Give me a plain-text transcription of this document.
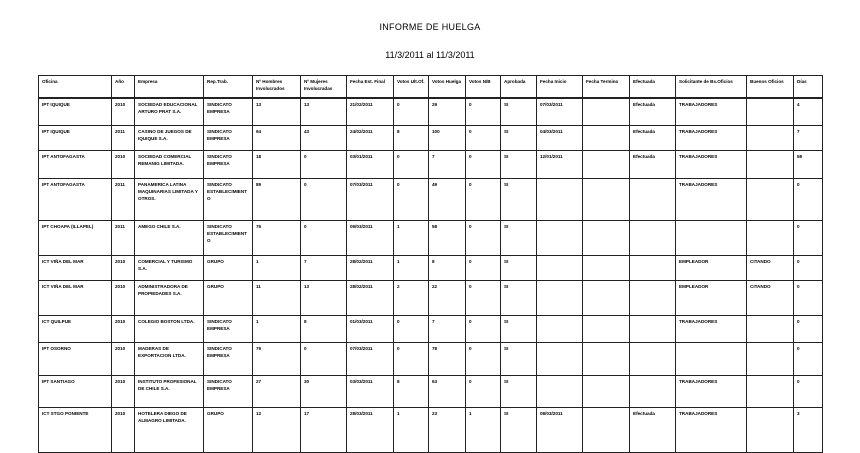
INFORME DE HUELGA
11/3/2011 al 11/3/2011
Oficina	Año	Empresa	Rep.Trab.	Nº Hombres Involucrados	Nº Mujeres Involucradas	Fecha Est. Final	Votos Ult.Of.	Votos Huelga	Votos N/B	Aprobada	Fecha Inicio	Fecha Termino	Efectuada	Solicitante de Bs.Oficios	Buenos Oficios	Días
IPT IQUIQUE	2010	SOCIEDAD EDUCACIONAL ARTURO PRAT S.A.	SINDICATO EMPRESA	13	13	21/02/2011	0	29	0	SI	07/03/2011		Efectuada	TRABAJADORES		4
IPT IQUIQUE	2011	CASINO DE JUEGOS DE IQUIQUE S.A.	SINDICATO EMPRESA	94	43	24/02/2011	8	100	0	SI	04/03/2011		Efectuada	TRABAJADORES		7
IPT ANTOFAGASTA	2010	SOCIEDAD COMERCIAL REMANIG LIMITADA.	SINDICATO EMPRESA	18	0	03/01/2011	0	7	0	SI	12/01/2011		Efectuada	TRABAJADORES		58
IPT ANTOFAGASTA	2011	PANAMERICA LATINA MAQUINARIAS LIMITADA Y OTROS.	SINDICATO ESTABLECIMIENTO	89	0	07/03/2011	0	49	0	SI				TRABAJADORES		0
IPT CHOAPA (ILLAPEL)	2011	AMEGO CHILE S.A.	SINDICATO ESTABLECIMIENTO	76	0	09/03/2011	1	58	0	SI						0
ICT VIÑA DEL MAR	2010	COMERCIAL Y TURISMO S.A.	GRUPO	1	7	28/02/2011	1	8	0	SI				EMPLEADOR	CITANDO	0
ICT VIÑA DEL MAR	2010	ADMINISTRADORA DE PROPIEDADES S.A.	GRUPO	11	13	28/02/2011	2	22	0	SI				EMPLEADOR	CITANDO	0
ICT QUILPUE	2010	COLEGIO BOSTON LTDA.	SINDICATO EMPRESA	1	8	01/03/2011	0	7	0	SI				TRABAJADORES		0
IPT OSORNO	2010	MADERAS DE EXPORTACION LTDA.	SINDICATO EMPRESA	79	0	07/03/2011	0	78	0	SI						0
IPT SANTIAGO	2010	INSTITUTO PROFESIONAL DE CHILE S.A.	SINDICATO EMPRESA	27	30	03/03/2011	8	63	0	SI				TRABAJADORES		0
ICT STGO PONIENTE	2010	HOTELERA DIEGO DE ALMAGRO LIMITADA.	GRUPO	12	17	28/03/2011	1	23	1	SI	08/03/2011		Efectuada	TRABAJADORES		3
